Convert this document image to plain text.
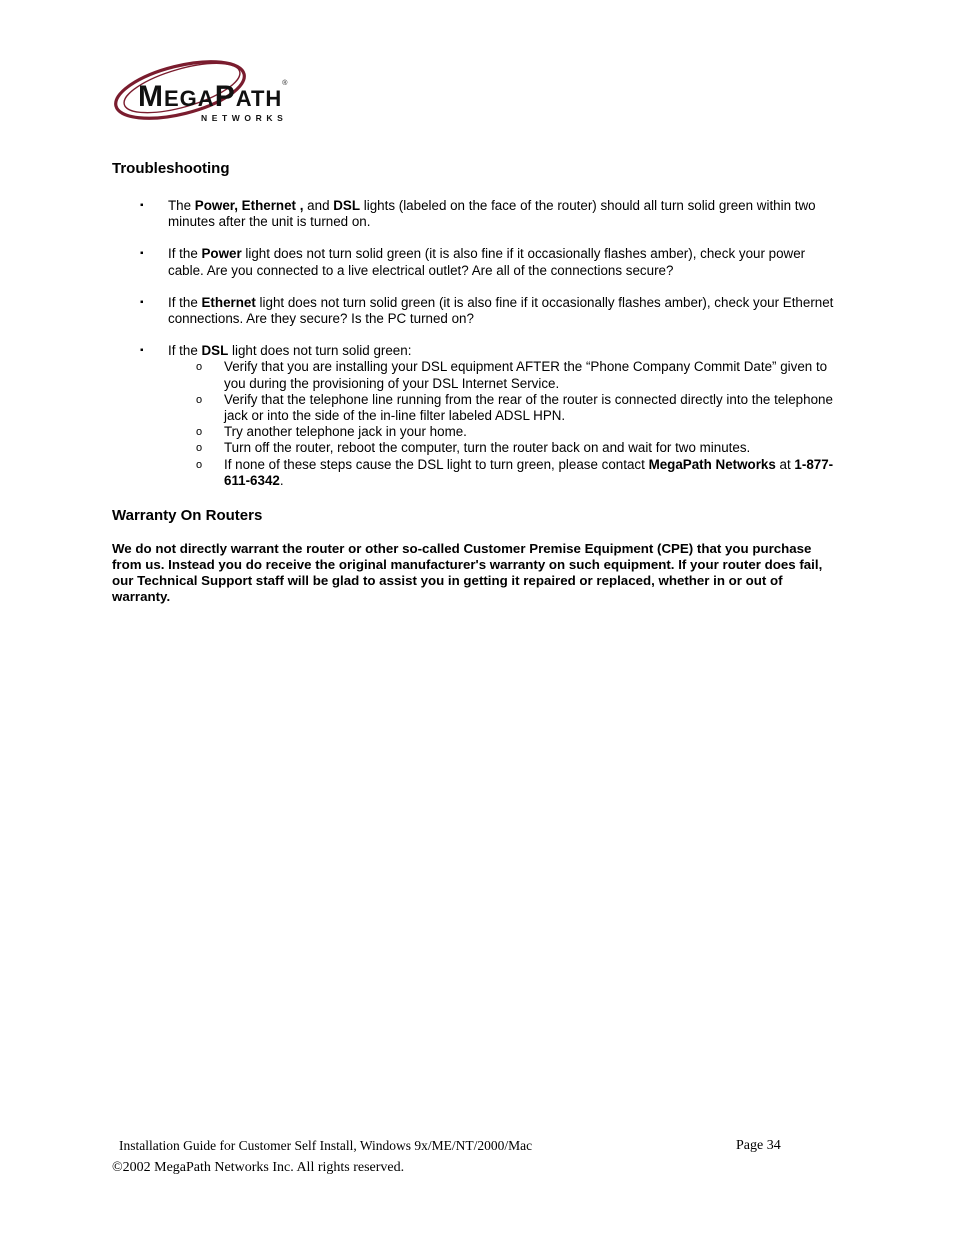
MEGAPATH®
NETWORKS
Troubleshooting
▪ The Power, Ethernet , and DSL lights (labeled on the face of the router) should all turn solid green within two minutes after the unit is turned on.
▪ If the Power light does not turn solid green (it is also fine if it occasionally flashes amber), check your power cable. Are you connected to a live electrical outlet? Are all of the connections secure?
▪ If the Ethernet light does not turn solid green (it is also fine if it occasionally flashes amber), check your Ethernet connections. Are they secure? Is the PC turned on?
▪ If the DSL light does not turn solid green:
o Verify that you are installing your DSL equipment AFTER the “Phone Company Commit Date” given to you during the provisioning of your DSL Internet Service.
o Verify that the telephone line running from the rear of the router is connected directly into the telephone jack or into the side of the in-line filter labeled ADSL HPN.
o Try another telephone jack in your home.
o Turn off the router, reboot the computer, turn the router back on and wait for two minutes.
o If none of these steps cause the DSL light to turn green, please contact MegaPath Networks at 1-877-611-6342.
Warranty On Routers

We do not directly warrant the router or other so-called Customer Premise Equipment (CPE) that you purchase from us. Instead you do receive the original manufacturer's warranty on such equipment. If your router does fail, our Technical Support staff will be glad to assist you in getting it repaired or replaced, whether in or out of warranty.

Installation Guide for Customer Self Install, Windows 9x/ME/NT/2000/Mac	Page 34
©2002 MegaPath Networks Inc. All rights reserved.
